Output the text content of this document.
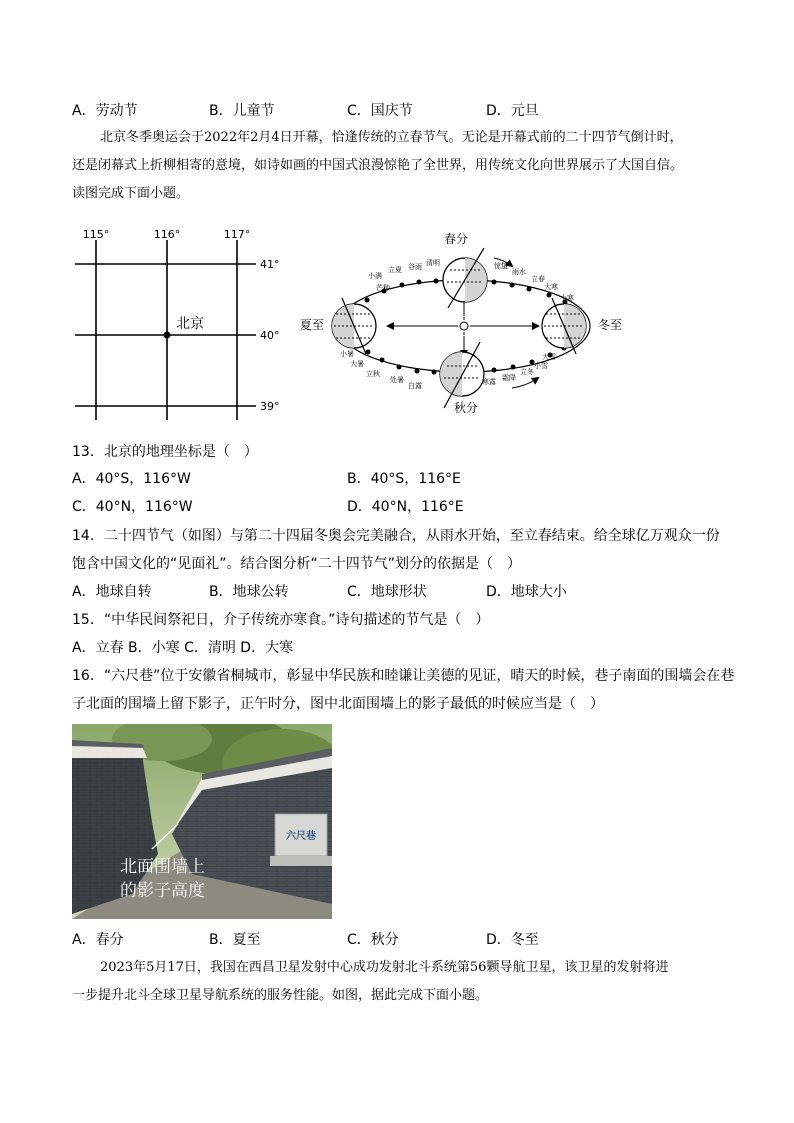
A．劳动节	B．儿童节	C．国庆节	D．元旦
北京冬季奥运会于2022年2月4日开幕，恰逢传统的立春节气。无论是开幕式前的二十四节气倒计时，
还是闭幕式上折柳相寄的意境，如诗如画的中国式浪漫惊艳了全世界，用传统文化向世界展示了大国自信。
读图完成下面小题。
115°	116°	117°
41°
40°
39°
北京
春分
夏至
秋分
冬至
小满
立夏 谷雨 清明	惊蛰
雨水
立春
大寒
小寒
芒种
小暑
大暑
立秋
处暑
白露	寒露 霜降
立冬
小雪
大雪
13．北京的地理坐标是（　）
A．40°S，116°W	B．40°S，116°E
C．40°N，116°W	D．40°N，116°E
14．二十四节气（如图）与第二十四届冬奥会完美融合，从雨水开始，至立春结束。给全球亿万观众一份
饱含中国文化的“见面礼”。结合图分析“二十四节气”划分的依据是（　）
A．地球自转	B．地球公转	C．地球形状	D．地球大小
15．“中华民间祭祀日，介子传统亦寒食。”诗句描述的节气是（　）
A．立春 B．小寒 C．清明 D．大寒
16．“六尺巷”位于安徽省桐城市，彰显中华民族和睦谦让美德的见证，晴天的时候，巷子南面的围墙会在巷
子北面的围墙上留下影子，正午时分，图中北面围墙上的影子最低的时候应当是（　）
六尺巷
北面围墙上
的影子高度
A．春分	B．夏至	C．秋分	D．冬至
2023年5月17日，我国在西昌卫星发射中心成功发射北斗系统第56颗导航卫星，该卫星的发射将进
一步提升北斗全球卫星导航系统的服务性能。如图，据此完成下面小题。
